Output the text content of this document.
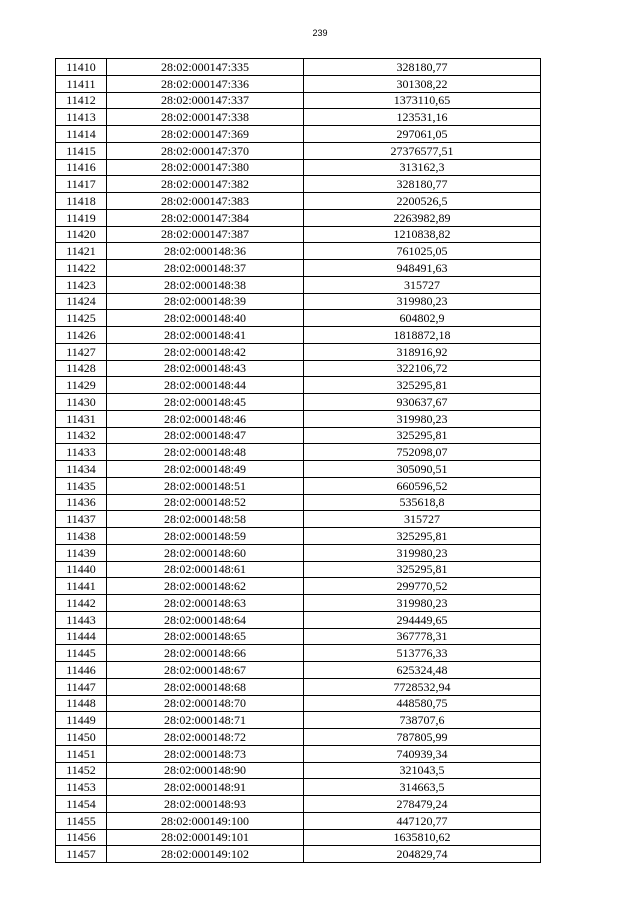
239
11410	28:02:000147:335	328180,77
11411	28:02:000147:336	301308,22
11412	28:02:000147:337	1373110,65
11413	28:02:000147:338	123531,16
11414	28:02:000147:369	297061,05
11415	28:02:000147:370	27376577,51
11416	28:02:000147:380	313162,3
11417	28:02:000147:382	328180,77
11418	28:02:000147:383	2200526,5
11419	28:02:000147:384	2263982,89
11420	28:02:000147:387	1210838,82
11421	28:02:000148:36	761025,05
11422	28:02:000148:37	948491,63
11423	28:02:000148:38	315727
11424	28:02:000148:39	319980,23
11425	28:02:000148:40	604802,9
11426	28:02:000148:41	1818872,18
11427	28:02:000148:42	318916,92
11428	28:02:000148:43	322106,72
11429	28:02:000148:44	325295,81
11430	28:02:000148:45	930637,67
11431	28:02:000148:46	319980,23
11432	28:02:000148:47	325295,81
11433	28:02:000148:48	752098,07
11434	28:02:000148:49	305090,51
11435	28:02:000148:51	660596,52
11436	28:02:000148:52	535618,8
11437	28:02:000148:58	315727
11438	28:02:000148:59	325295,81
11439	28:02:000148:60	319980,23
11440	28:02:000148:61	325295,81
11441	28:02:000148:62	299770,52
11442	28:02:000148:63	319980,23
11443	28:02:000148:64	294449,65
11444	28:02:000148:65	367778,31
11445	28:02:000148:66	513776,33
11446	28:02:000148:67	625324,48
11447	28:02:000148:68	7728532,94
11448	28:02:000148:70	448580,75
11449	28:02:000148:71	738707,6
11450	28:02:000148:72	787805,99
11451	28:02:000148:73	740939,34
11452	28:02:000148:90	321043,5
11453	28:02:000148:91	314663,5
11454	28:02:000148:93	278479,24
11455	28:02:000149:100	447120,77
11456	28:02:000149:101	1635810,62
11457	28:02:000149:102	204829,74
